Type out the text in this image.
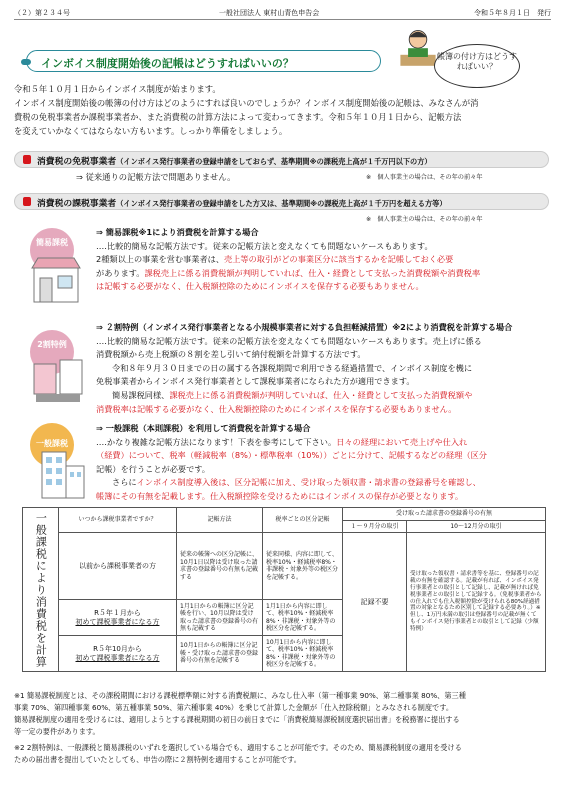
（２）第２３４号	一般社団法人 東村山青色申告会	令和５年８月１日　発行
帳簿の付け方はどうすればいい？
インボイス制度開始後の記帳はどうすればいいの？
令和５年１０月１日からインボイス制度が始まります。
インボイス制度開始後の帳簿の付け方はどのようにすれば良いのでしょうか？インボイス制度開始後の記帳は、みなさんが消
費税の免税事業者か課税事業者か、また消費税の計算方法によって変わってきます。令和５年１０月１日から、記帳方法
を変えていかなくてはならない方もいます。しっかり準備をしましょう。
消費税の免税事業者（インボイス発行事業者の登録申請をしておらず、基準期間※の課税売上高が１千万円以下の方）
⇒ 従来通りの記帳方法で問題ありません。	※　個人事業主の場合は、その年の前々年
消費税の課税事業者（インボイス発行事業者の登録申請をした方又は、基準期間※の課税売上高が１千万円を超える方等）
※　個人事業主の場合は、その年の前々年
簡易課税
⇒ 簡易課税※1により消費税を計算する場合
‥‥比較的簡易な記帳方法です。従来の記帳方法と変えなくても問題ないケースもあります。
2種類以上の事業を営む事業者は、売上等の取引がどの事業区分に該当するかを記帳しておく必要
があります。課税売上に係る消費税額が判明していれば、仕入・経費として支払った消費税額や消費税率
は記帳する必要がなく、仕入税額控除のためにインボイスを保存する必要もありません。
2割特例
⇒ ２割特例（インボイス発行事業者となる小規模事業者に対する負担軽減措置）※2により消費税を計算する場合
‥‥比較的簡易な記帳方法です。従来の記帳方法を変えなくても問題ないケースもあります。売上げに係る
消費税額から売上税額の８割を差し引いて納付税額を計算する方法です。
令和８年９月３０日までの日の属する各課税期間で利用できる経過措置で、インボイス制度を機に
免税事業者からインボイス発行事業者として課税事業者になられた方が適用できます。
簡易課税同様、課税売上に係る消費税額が判明していれば、仕入・経費として支払った消費税額や
消費税率は記帳する必要がなく、仕入税額控除のためにインボイスを保存する必要もありません。
一般課税
⇒ 一般課税（本則課税）を利用して消費税を計算する場合
‥‥かなり複雑な記帳方法になります！下表を参考にして下さい。日々の経理において売上げや仕入れ
（経費）について、税率（軽減税率（8%）・標準税率（10%））ごとに分けて、記帳するなどの経理（区分
記帳）を行うことが必要です。
さらにインボイス制度導入後は、区分記帳に加え、受け取った領収書・請求書の登録番号を確認し、
帳簿にその有無を記載します。仕入税額控除を受けるためにはインボイスの保存が必要となります。
一般課税により消費税を計算	いつから課税事業者ですか？	記帳方法	税率ごとの区分記帳	受け取った請求書の登録番号の有無	
				１〜９月分の取引	10〜12月分の取引
	以前から課税事業者の方	従来の帳簿への区分記帳に、10月1日以降は受け取った請求書の登録番号の有無も記載する	従来同様、内容に即して、税率10%・軽減税率8%・非課税・対象外等の税区分を記帳する。	記録不要	受け取った領収書・請求書等を基に、登録番号の記載の有無を確認する。記載が有れば、インボイス発行事業者との取引として記録し、記載が無ければ免税事業者との取引として記録する。（免税事業者からの仕入れでも仕入税額控除が受けられる80%経過措置の対象となるため区別して記録する必要あり。）※但し、1万円未満の取引は登録番号の記載が無くてもインボイス発行事業者との取引として記録（少額特例）

	R５年１月から
初めて課税事業者になる方	1月1日からの帳簿に区分記帳を行い、10月以降は受け取った請求書の登録番号の有無も記載する	1月1日から内容に即して、税率10%・軽減税率8%・非課税・対象外等の税区分を記帳する。		

	R５年10月から
初めて課税事業者になる方	10月1日からの帳簿に区分記帳・受け取った請求書の登録番号の有無を記帳する	10月1日から内容に即して、税率10%・軽減税率8%・非課税・対象外等の税区分を記帳する。		
※1 簡易課税制度とは、その課税期間における課税標準額に対する消費税額に、みなし仕入率（第一種事業 90%、第二種事業 80%、第三種
事業 70%、第四種事業 60%、第五種事業 50%、第六種事業 40%）を乗じて計算した金額が「仕入控除税額」とみなされる制度です。
簡易課税制度の適用を受けるには、適用しようとする課税期間の初日の前日までに「消費税簡易課税制度選択届出書」を税務署に提出する
等一定の要件があります。
※2 2割特例は、一般課税と簡易課税のいずれを選択している場合でも、適用することが可能です。そのため、簡易課税制度の適用を受ける
ための届出書を提出していたとしても、申告の際に２割特例を適用することが可能です。
